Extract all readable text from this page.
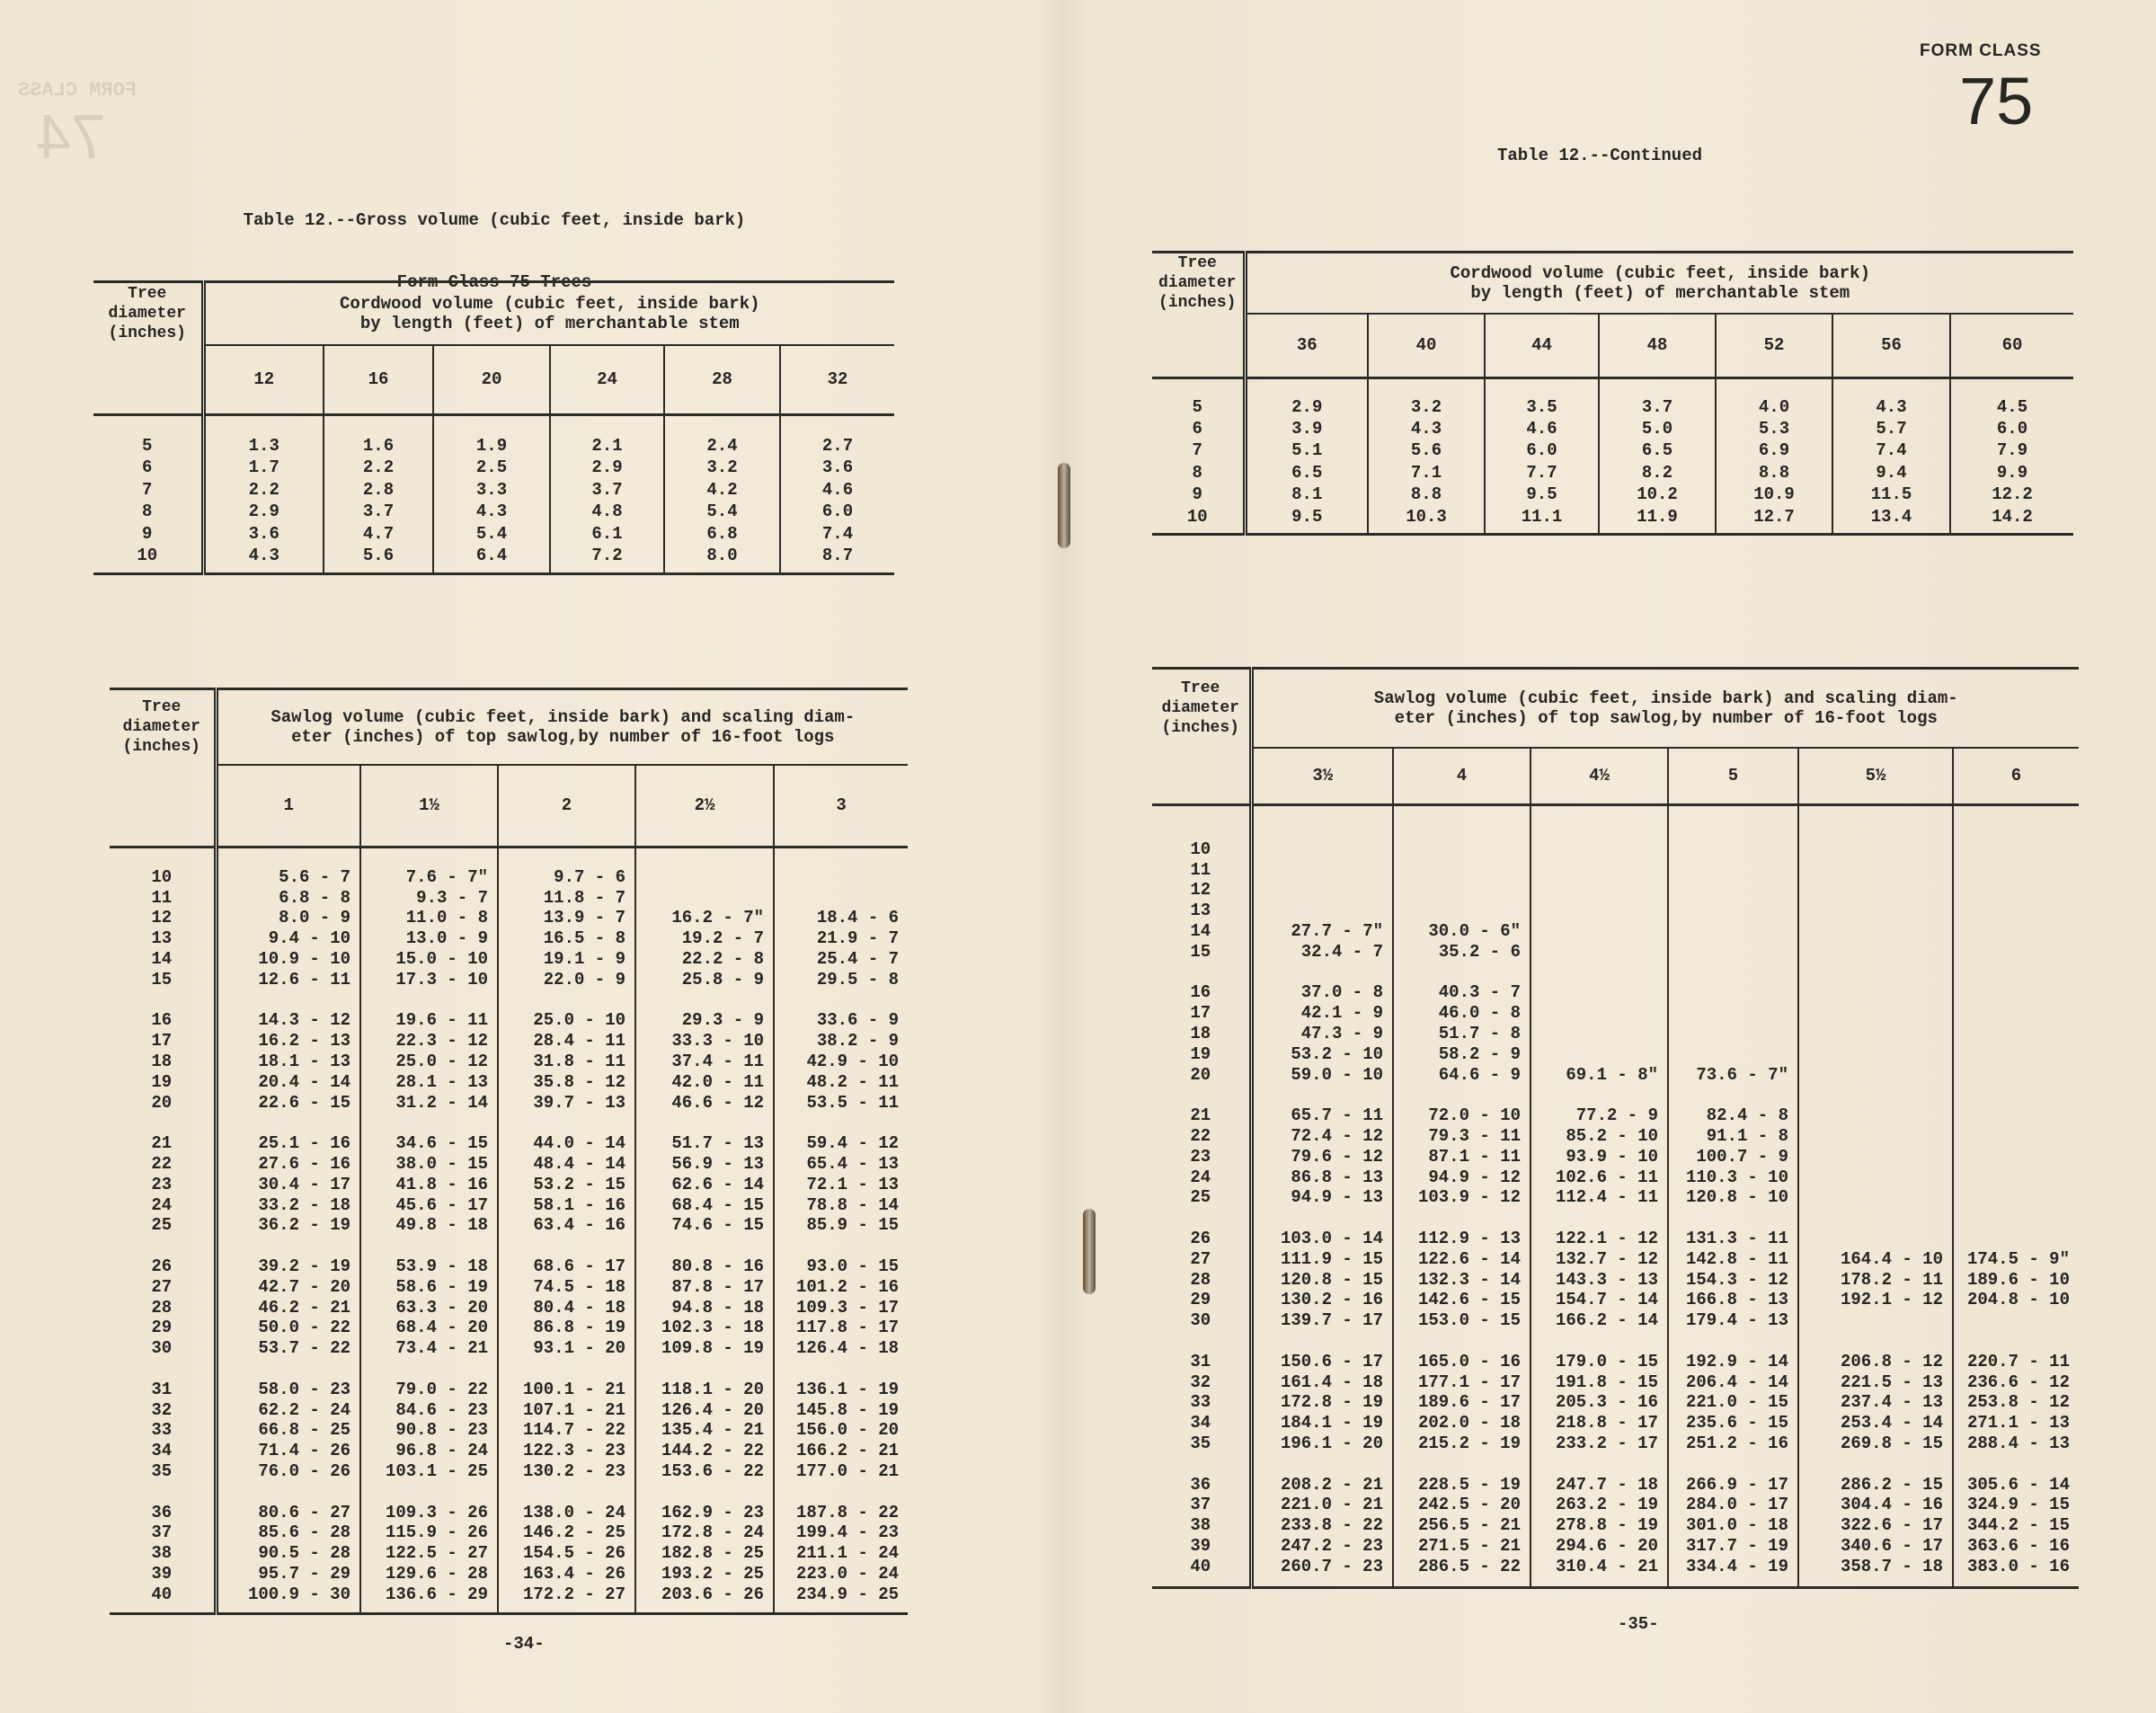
FORM CLASS
74

Table 12.--Gross volume (cubic feet, inside bark)

Form Class 75 Trees

Tree diameter (inches)	Cordwood volume (cubic feet, inside bark)
by length (feet) of merchantable stem					
	12	16	20	24	28	32

5	1.3	1.6	1.9	2.1	2.4	2.7
6	1.7	2.2	2.5	2.9	3.2	3.6
7	2.2	2.8	3.3	3.7	4.2	4.6
8	2.9	3.7	4.3	4.8	5.4	6.0
9	3.6	4.7	5.4	6.1	6.8	7.4
10	4.3	5.6	6.4	7.2	8.0	8.7

Tree diameter (inches)	Sawlog volume (cubic feet, inside bark) and scaling diam-
eter (inches) of top sawlog,by number of 16-foot logs				
	1	1½	2	2½	3

10	5.6 - 7	7.6 - 7"	9.7 - 6		
11	6.8 - 8	9.3 - 7	11.8 - 7		
12	8.0 - 9	11.0 - 8	13.9 - 7	16.2 - 7"	18.4 - 6
13	9.4 - 10	13.0 - 9	16.5 - 8	19.2 - 7	21.9 - 7
14	10.9 - 10	15.0 - 10	19.1 - 9	22.2 - 8	25.4 - 7
15	12.6 - 11	17.3 - 10	22.0 - 9	25.8 - 9	29.5 - 8

16	14.3 - 12	19.6 - 11	25.0 - 10	29.3 - 9	33.6 - 9
17	16.2 - 13	22.3 - 12	28.4 - 11	33.3 - 10	38.2 - 9
18	18.1 - 13	25.0 - 12	31.8 - 11	37.4 - 11	42.9 - 10
19	20.4 - 14	28.1 - 13	35.8 - 12	42.0 - 11	48.2 - 11
20	22.6 - 15	31.2 - 14	39.7 - 13	46.6 - 12	53.5 - 11

21	25.1 - 16	34.6 - 15	44.0 - 14	51.7 - 13	59.4 - 12
22	27.6 - 16	38.0 - 15	48.4 - 14	56.9 - 13	65.4 - 13
23	30.4 - 17	41.8 - 16	53.2 - 15	62.6 - 14	72.1 - 13
24	33.2 - 18	45.6 - 17	58.1 - 16	68.4 - 15	78.8 - 14
25	36.2 - 19	49.8 - 18	63.4 - 16	74.6 - 15	85.9 - 15

26	39.2 - 19	53.9 - 18	68.6 - 17	80.8 - 16	93.0 - 15
27	42.7 - 20	58.6 - 19	74.5 - 18	87.8 - 17	101.2 - 16
28	46.2 - 21	63.3 - 20	80.4 - 18	94.8 - 18	109.3 - 17
29	50.0 - 22	68.4 - 20	86.8 - 19	102.3 - 18	117.8 - 17
30	53.7 - 22	73.4 - 21	93.1 - 20	109.8 - 19	126.4 - 18

31	58.0 - 23	79.0 - 22	100.1 - 21	118.1 - 20	136.1 - 19
32	62.2 - 24	84.6 - 23	107.1 - 21	126.4 - 20	145.8 - 19
33	66.8 - 25	90.8 - 23	114.7 - 22	135.4 - 21	156.0 - 20
34	71.4 - 26	96.8 - 24	122.3 - 23	144.2 - 22	166.2 - 21
35	76.0 - 26	103.1 - 25	130.2 - 23	153.6 - 22	177.0 - 21

36	80.6 - 27	109.3 - 26	138.0 - 24	162.9 - 23	187.8 - 22
37	85.6 - 28	115.9 - 26	146.2 - 25	172.8 - 24	199.4 - 23
38	90.5 - 28	122.5 - 27	154.5 - 26	182.8 - 25	211.1 - 24
39	95.7 - 29	129.6 - 28	163.4 - 26	193.2 - 25	223.0 - 24
40	100.9 - 30	136.6 - 29	172.2 - 27	203.6 - 26	234.9 - 25

-34-
FORM CLASS
75
Table 12.--Continued
Tree diameter (inches)	Cordwood volume (cubic feet, inside bark)
by length (feet) of merchantable stem						
	36	40	44	48	52	56	60

5	2.9	3.2	3.5	3.7	4.0	4.3	4.5
6	3.9	4.3	4.6	5.0	5.3	5.7	6.0
7	5.1	5.6	6.0	6.5	6.9	7.4	7.9
8	6.5	7.1	7.7	8.2	8.8	9.4	9.9
9	8.1	8.8	9.5	10.2	10.9	11.5	12.2
10	9.5	10.3	11.1	11.9	12.7	13.4	14.2

Tree diameter (inches)	Sawlog volume (cubic feet, inside bark) and scaling diam-
eter (inches) of top sawlog,by number of 16-foot logs					
	3½	4	4½	5	5½	6

10						
11						
12						
13						
14	27.7 - 7"	30.0 - 6"				
15	32.4 - 7	35.2 - 6				

16	37.0 - 8	40.3 - 7				
17	42.1 - 9	46.0 - 8				
18	47.3 - 9	51.7 - 8				
19	53.2 - 10	58.2 - 9				
20	59.0 - 10	64.6 - 9	69.1 - 8"	73.6 - 7"		

21	65.7 - 11	72.0 - 10	77.2 - 9	82.4 - 8		
22	72.4 - 12	79.3 - 11	85.2 - 10	91.1 - 8		
23	79.6 - 12	87.1 - 11	93.9 - 10	100.7 - 9		
24	86.8 - 13	94.9 - 12	102.6 - 11	110.3 - 10		
25	94.9 - 13	103.9 - 12	112.4 - 11	120.8 - 10		

26	103.0 - 14	112.9 - 13	122.1 - 12	131.3 - 11		
27	111.9 - 15	122.6 - 14	132.7 - 12	142.8 - 11	164.4 - 10	174.5 - 9"
28	120.8 - 15	132.3 - 14	143.3 - 13	154.3 - 12	178.2 - 11	189.6 - 10
29	130.2 - 16	142.6 - 15	154.7 - 14	166.8 - 13	192.1 - 12	204.8 - 10
30	139.7 - 17	153.0 - 15	166.2 - 14	179.4 - 13		

31	150.6 - 17	165.0 - 16	179.0 - 15	192.9 - 14	206.8 - 12	220.7 - 11
32	161.4 - 18	177.1 - 17	191.8 - 15	206.4 - 14	221.5 - 13	236.6 - 12
33	172.8 - 19	189.6 - 17	205.3 - 16	221.0 - 15	237.4 - 13	253.8 - 12
34	184.1 - 19	202.0 - 18	218.8 - 17	235.6 - 15	253.4 - 14	271.1 - 13
35	196.1 - 20	215.2 - 19	233.2 - 17	251.2 - 16	269.8 - 15	288.4 - 13

36	208.2 - 21	228.5 - 19	247.7 - 18	266.9 - 17	286.2 - 15	305.6 - 14
37	221.0 - 21	242.5 - 20	263.2 - 19	284.0 - 17	304.4 - 16	324.9 - 15
38	233.8 - 22	256.5 - 21	278.8 - 19	301.0 - 18	322.6 - 17	344.2 - 15
39	247.2 - 23	271.5 - 21	294.6 - 20	317.7 - 19	340.6 - 17	363.6 - 16
40	260.7 - 23	286.5 - 22	310.4 - 21	334.4 - 19	358.7 - 18	383.0 - 16

-35-
